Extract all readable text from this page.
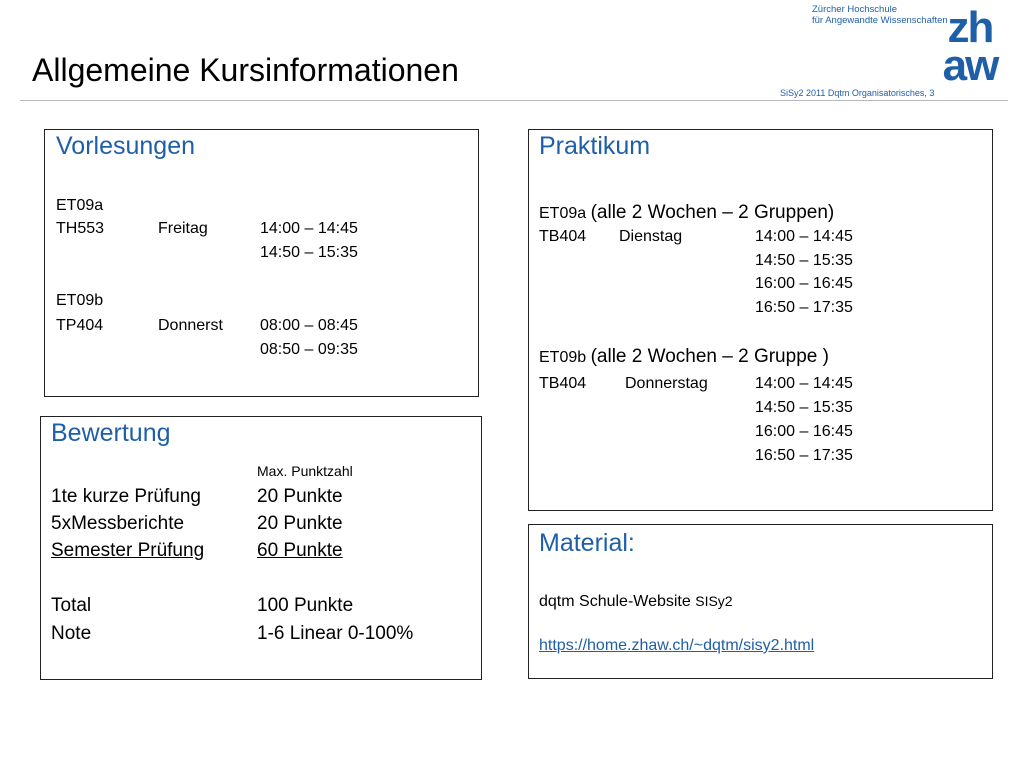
Allgemeine Kursinformationen
Zürcher Hochschule
für Angewandte Wissenschaften zh
aw
SiSy2 2011 Dqtm Organisatorisches, 3
Vorlesungen
ET09a
TH553	Freitag	14:00 – 14:45
14:50 – 15:35
ET09b
TP404	Donnerst 08:00 – 08:45
08:50 – 09:35
Bewertung
Max. Punktzahl
1te kurze Prüfung	20 Punkte
5xMessberichte	20 Punkte
Semester Prüfung	60 Punkte
Total	100 Punkte
Note	1-6 Linear 0-100%
Praktikum
ET09a (alle 2 Wochen – 2 Gruppen)
TB404 Dienstag	14:00 – 14:45
14:50 – 15:35
16:00 – 16:45
16:50 – 17:35
ET09b (alle 2 Wochen – 2 Gruppe )
TB404 Donnerstag	14:00 – 14:45
14:50 – 15:35
16:00 – 16:45
16:50 – 17:35
Material:
dqtm Schule-Website SISy2
https://home.zhaw.ch/~dqtm/sisy2.html
